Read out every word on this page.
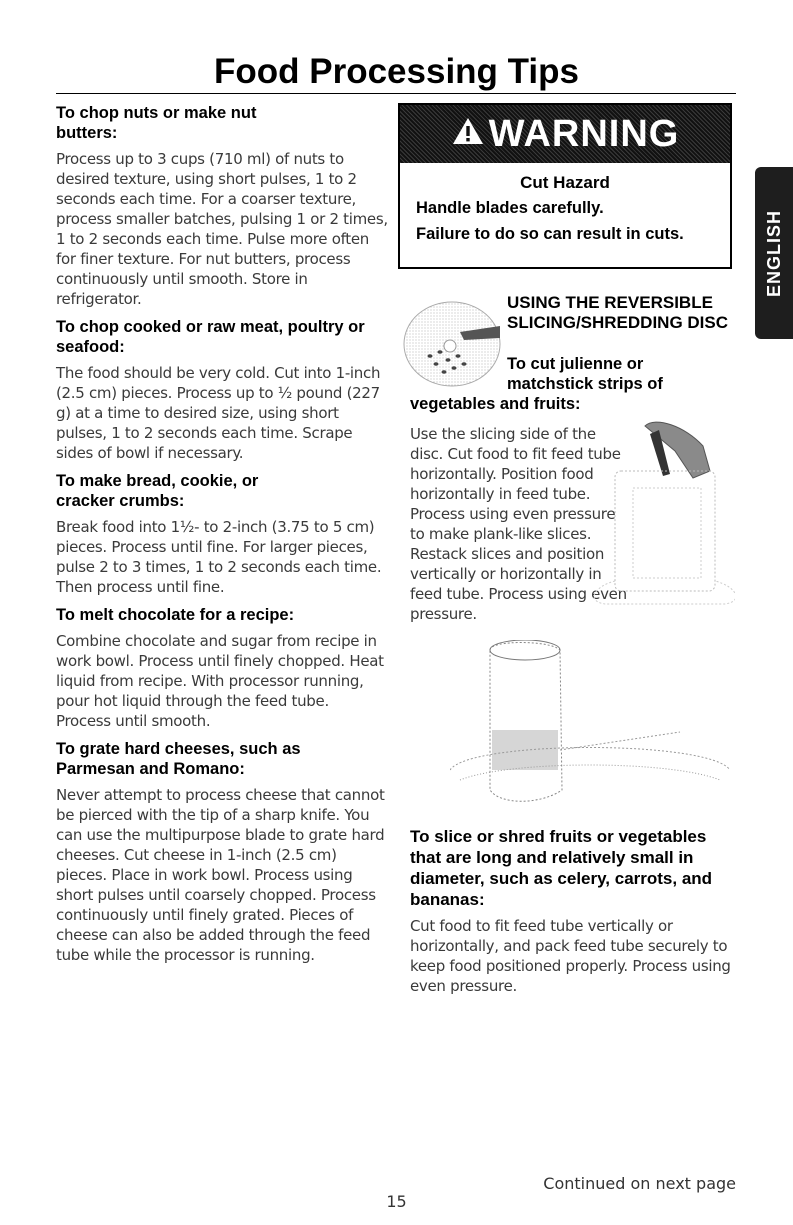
Food Processing Tips
To chop nuts or make nut butters:

Process up to 3 cups (710 ml) of nuts to desired texture, using short pulses, 1 to 2 seconds each time. For a coarser texture, process smaller batches, pulsing 1 or 2 times, 1 to 2 seconds each time. Pulse more often for finer texture. For nut butters, process continuously until smooth. Store in refrigerator.

To chop cooked or raw meat, poultry or seafood:

The food should be very cold. Cut into 1-inch (2.5 cm) pieces. Process up to ½ pound (227 g) at a time to desired size, using short pulses, 1 to 2 seconds each time. Scrape sides of bowl if necessary.

To make bread, cookie, or cracker crumbs:

Break food into 1½- to 2-inch (3.75 to 5 cm) pieces. Process until fine. For larger pieces, pulse 2 to 3 times, 1 to 2 seconds each time. Then process until fine.

To melt chocolate for a recipe:

Combine chocolate and sugar from recipe in work bowl. Process until finely chopped. Heat liquid from recipe. With processor running, pour hot liquid through the feed tube. Process until smooth.

To grate hard cheeses, such as Parmesan and Romano:

Never attempt to process cheese that cannot be pierced with the tip of a sharp knife. You can use the multipurpose blade to grate hard cheeses. Cut cheese in 1-inch (2.5 cm) pieces. Place in work bowl. Process using short pulses until coarsely chopped. Process continuously until finely grated. Pieces of cheese can also be added through the feed tube while the processor is running.

WARNING
Cut Hazard
Handle blades carefully.
Failure to do so can result in cuts.	ENGLISH
USING THE REVERSIBLE SLICING/SHREDDING DISC
To cut julienne or matchstick strips of
vegetables and fruits:

Use the slicing side of the disc. Cut food to fit feed tube horizontally. Position food horizontally in feed tube. Process using even pressure to make plank-like slices. Restack slices and position vertically or horizontally in feed tube. Process using even pressure.

To slice or shred fruits or vegetables that are long and relatively small in diameter, such as celery, carrots, and bananas:

Cut food to fit feed tube vertically or horizontally, and pack feed tube securely to keep food positioned properly. Process using even pressure.

Continued on next page
15
